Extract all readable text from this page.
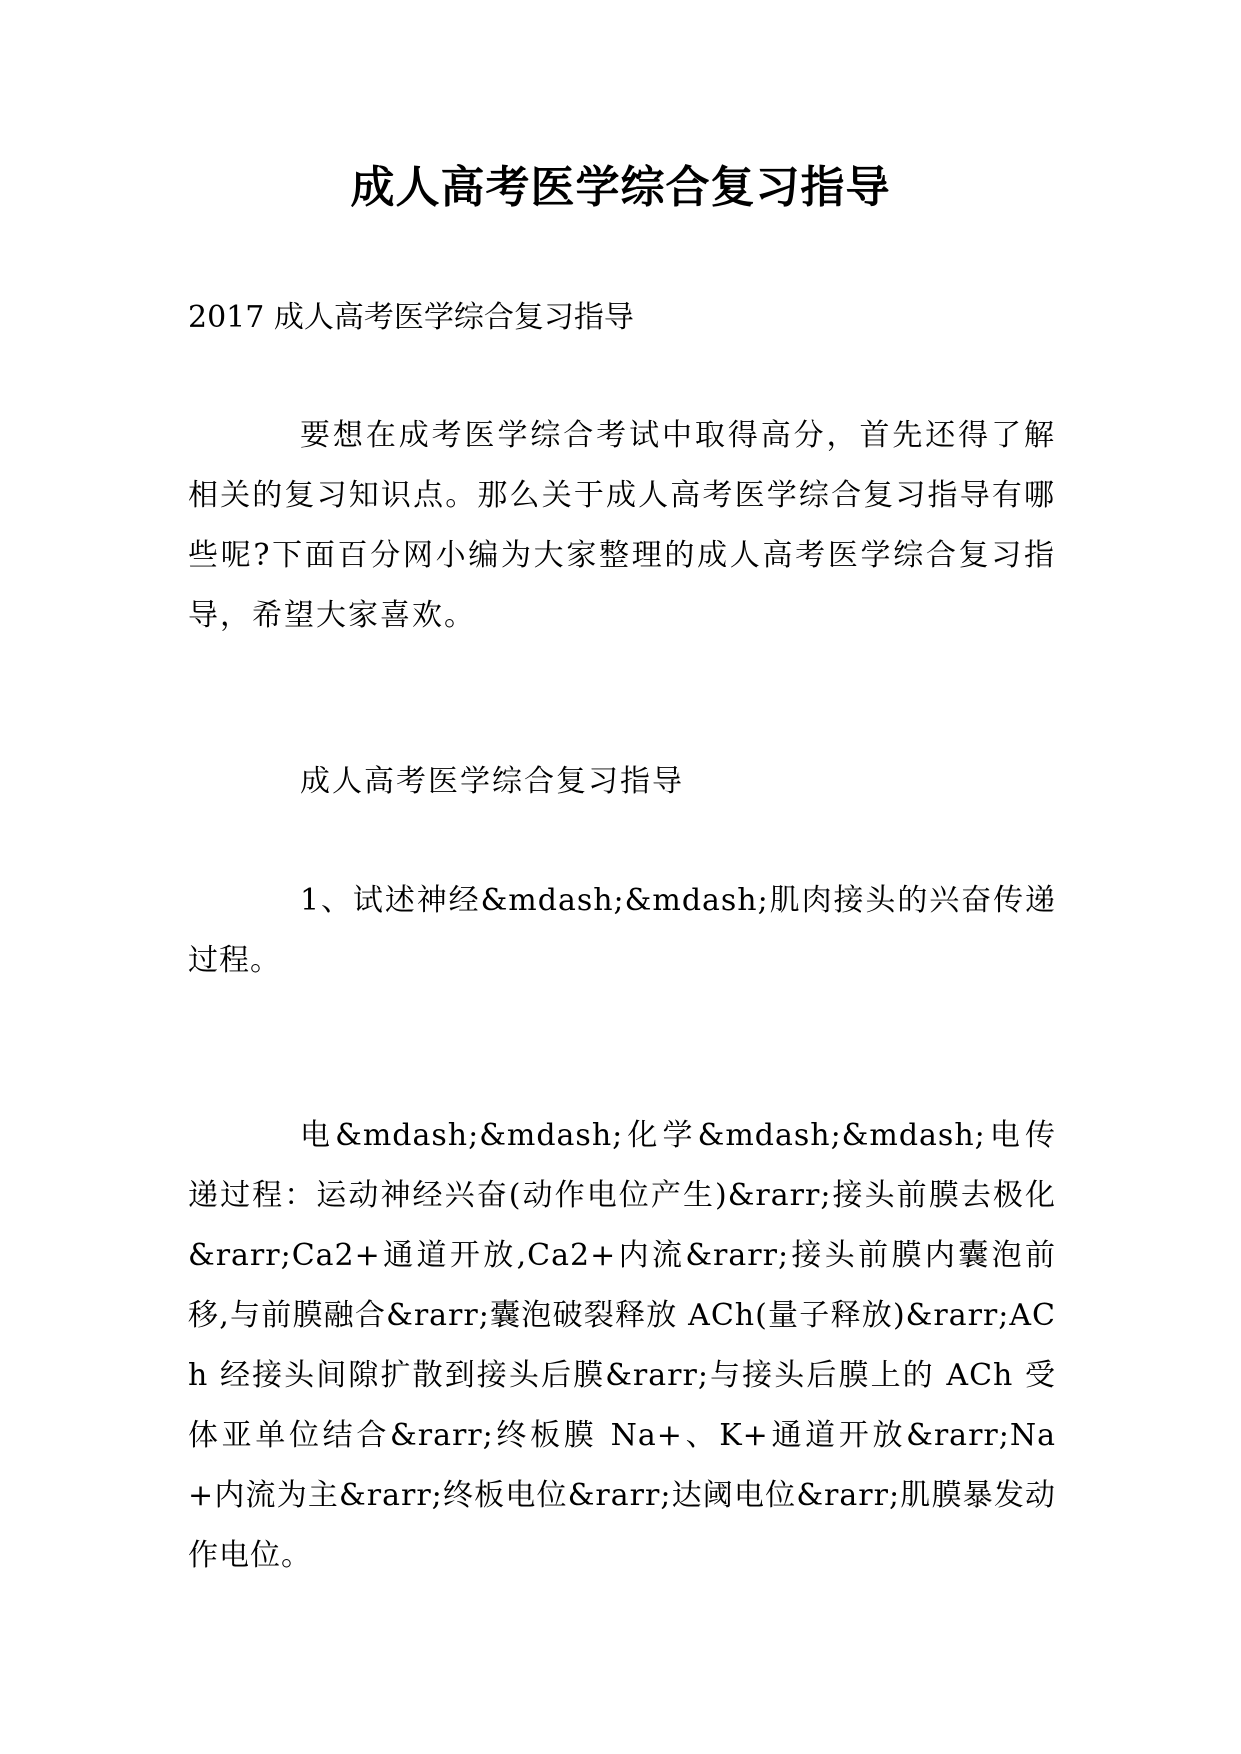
成人高考医学综合复习指导

2017 成人高考医学综合复习指导

要想在成考医学综合考试中取得高分，首先还得了解相关的复习知识点。那么关于成人高考医学综合复习指导有哪些呢?下面百分网小编为大家整理的成人高考医学综合复习指导，希望大家喜欢。

成人高考医学综合复习指导

1、试述神经&mdash;&mdash;肌肉接头的兴奋传递过程。

电&mdash;&mdash;化学&mdash;&mdash;电传递过程：运动神经兴奋(动作电位产生)&rarr;接头前膜去极化&rarr;Ca2+通道开放,Ca2+内流&rarr;接头前膜内囊泡前移,与前膜融合&rarr;囊泡破裂释放 ACh(量子释放)&rarr;ACh 经接头间隙扩散到接头后膜&rarr;与接头后膜上的 ACh 受体亚单位结合&rarr;终板膜 Na+、K+通道开放&rarr;Na+内流为主&rarr;终板电位&rarr;达阈电位&rarr;肌膜暴发动作电位。
